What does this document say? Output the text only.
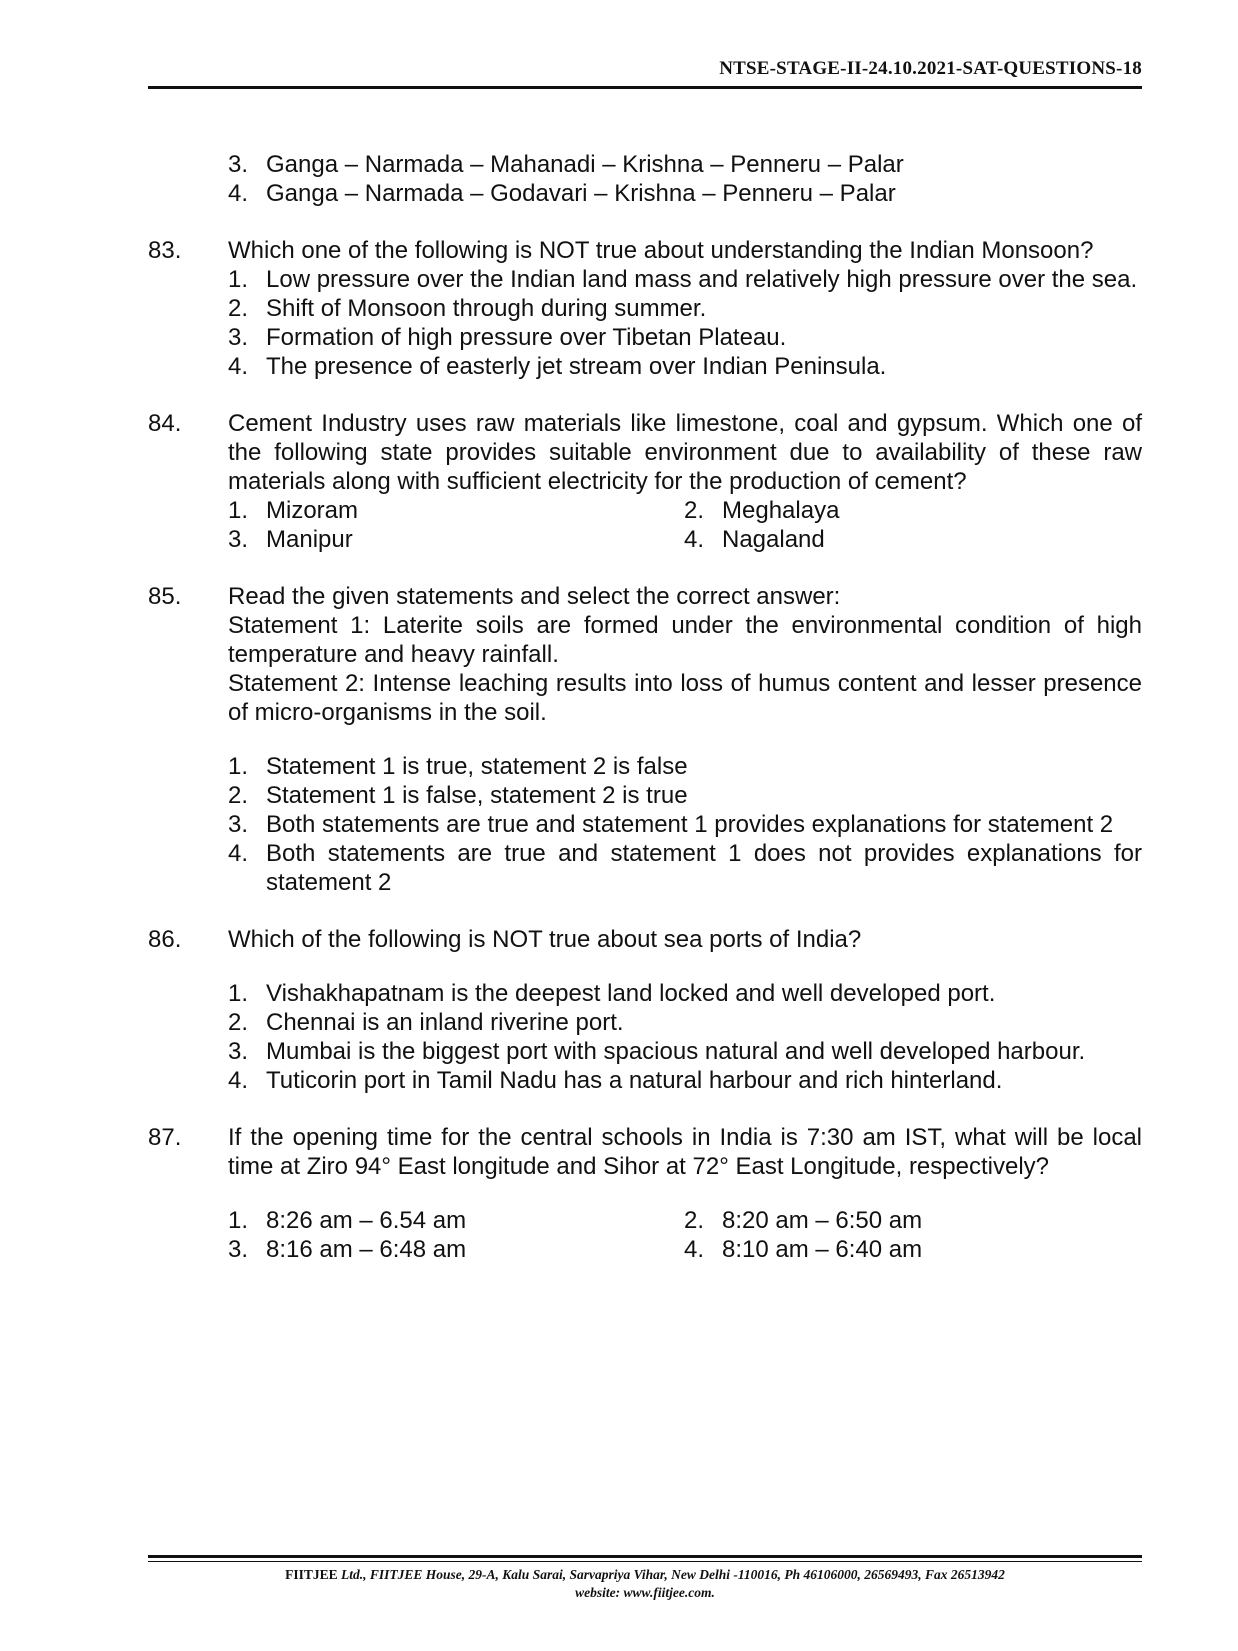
NTSE-STAGE-II-24.10.2021-SAT-QUESTIONS-18
3. Ganga – Narmada – Mahanadi – Krishna – Penneru – Palar
4. Ganga – Narmada – Godavari – Krishna – Penneru – Palar
83.	Which one of the following is NOT true about understanding the Indian Monsoon?
1. Low pressure over the Indian land mass and relatively high pressure over the sea.
2. Shift of Monsoon through during summer.
3. Formation of high pressure over Tibetan Plateau.
4. The presence of easterly jet stream over Indian Peninsula.
84.	Cement Industry uses raw materials like limestone, coal and gypsum. Which one of the following state provides suitable environment due to availability of these raw materials along with sufficient electricity for the production of cement?
1. Mizoram	2. Meghalaya
3. Manipur	4. Nagaland
85.	Read the given statements and select the correct answer:
Statement 1: Laterite soils are formed under the environmental condition of high temperature and heavy rainfall.
Statement 2: Intense leaching results into loss of humus content and lesser presence of micro-organisms in the soil.
1. Statement 1 is true, statement 2 is false
2. Statement 1 is false, statement 2 is true
3. Both statements are true and statement 1 provides explanations for statement 2
4. Both statements are true and statement 1 does not provides explanations for statement 2
86.	Which of the following is NOT true about sea ports of India?
1. Vishakhapatnam is the deepest land locked and well developed port.
2. Chennai is an inland riverine port.
3. Mumbai is the biggest port with spacious natural and well developed harbour.
4. Tuticorin port in Tamil Nadu has a natural harbour and rich hinterland.
87.	If the opening time for the central schools in India is 7:30 am IST, what will be local time at Ziro 94° East longitude and Sihor at 72° East Longitude, respectively?
1. 8:26 am – 6.54 am	2. 8:20 am – 6:50 am
3. 8:16 am – 6:48 am	4. 8:10 am – 6:40 am
FIITJEE Ltd., FIITJEE House, 29-A, Kalu Sarai, Sarvapriya Vihar, New Delhi -110016, Ph 46106000, 26569493, Fax 26513942
website: www.fiitjee.com.
